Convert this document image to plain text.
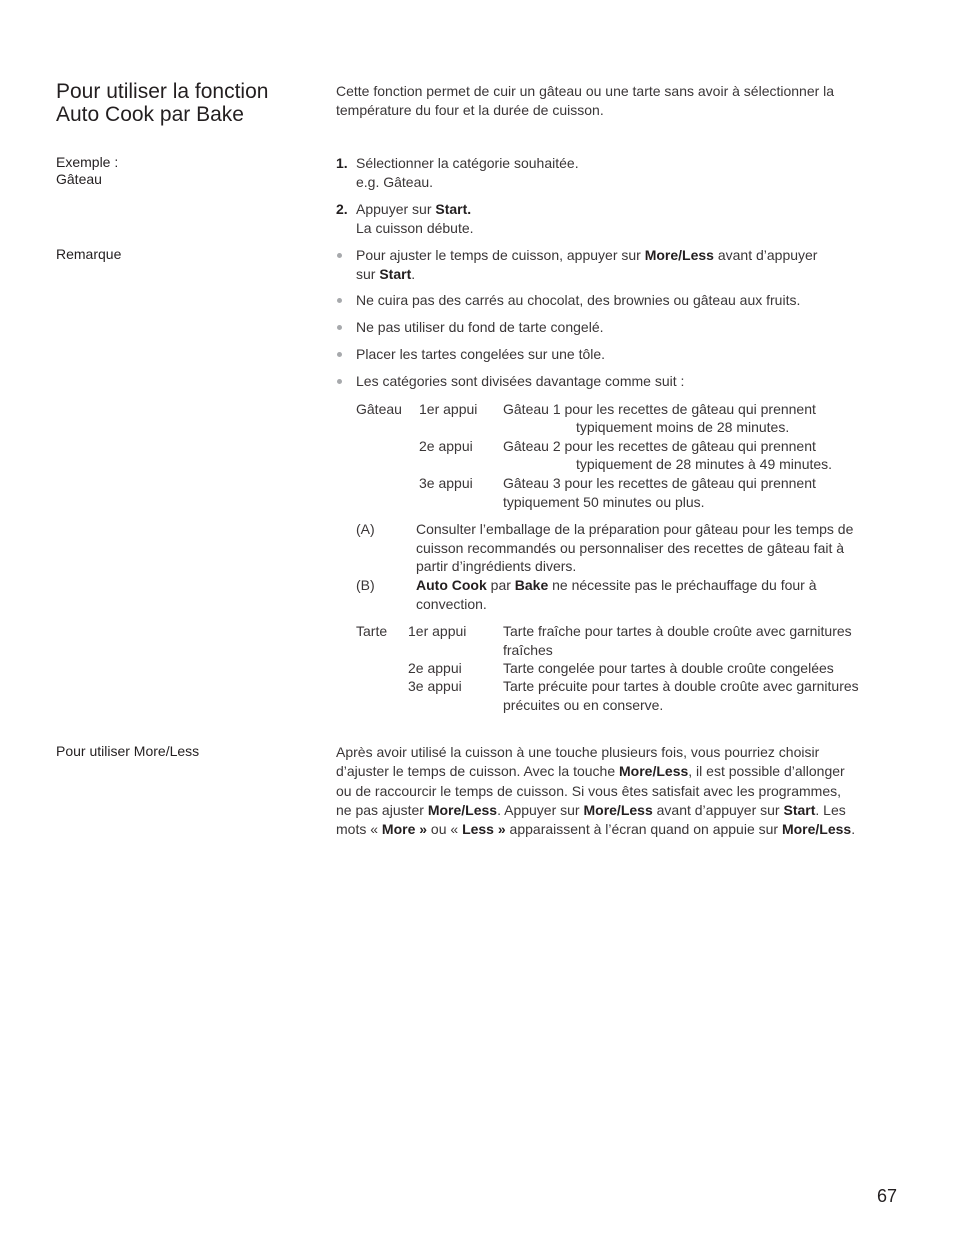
Pour utiliser la fonction
Auto Cook par Bake
Cette fonction permet de cuir un gâteau ou une tarte sans avoir à sélectionner la
température du four et la durée de cuisson.
Exemple :
Gâteau
Remarque
Pour utiliser More/Less
1. Sélectionner la catégorie souhaitée.
e.g. Gâteau.
2. Appuyer sur Start.
La cuisson débute.
Pour ajuster le temps de cuisson, appuyer sur More/Less avant d’appuyer
sur Start.
Ne cuira pas des carrés au chocolat, des brownies ou gâteau aux fruits.
Ne pas utiliser du fond de tarte congelé.
Placer les tartes congelées sur une tôle.
Les catégories sont divisées davantage comme suit :
Gâteau 1er appui Gâteau 1 pour les recettes de gâteau qui prennent
typiquement moins de 28 minutes.
2e appui Gâteau 2 pour les recettes de gâteau qui prennent
typiquement de 28 minutes à 49 minutes.
3e appui Gâteau 3 pour les recettes de gâteau qui prennent
typiquement 50 minutes ou plus.
(A)	Consulter l’emballage de la préparation pour gâteau pour les temps de
cuisson recommandés ou personnaliser des recettes de gâteau fait à
partir d’ingrédients divers.
(B)	Auto Cook par Bake ne nécessite pas le préchauffage du four à
convection.
Tarte 1er appui	Tarte fraîche pour tartes à double croûte avec garnitures
fraîches
2e appui	Tarte congelée pour tartes à double croûte congelées
3e appui	Tarte précuite pour tartes à double croûte avec garnitures
précuites ou en conserve.
Après avoir utilisé la cuisson à une touche plusieurs fois, vous pourriez choisir
d’ajuster le temps de cuisson. Avec la touche More/Less, il est possible d’allonger
ou de raccourcir le temps de cuisson. Si vous êtes satisfait avec les programmes,
ne pas ajuster More/Less. Appuyer sur More/Less avant d’appuyer sur Start. Les
mots « More » ou « Less » apparaissent à l’écran quand on appuie sur More/Less.
67
